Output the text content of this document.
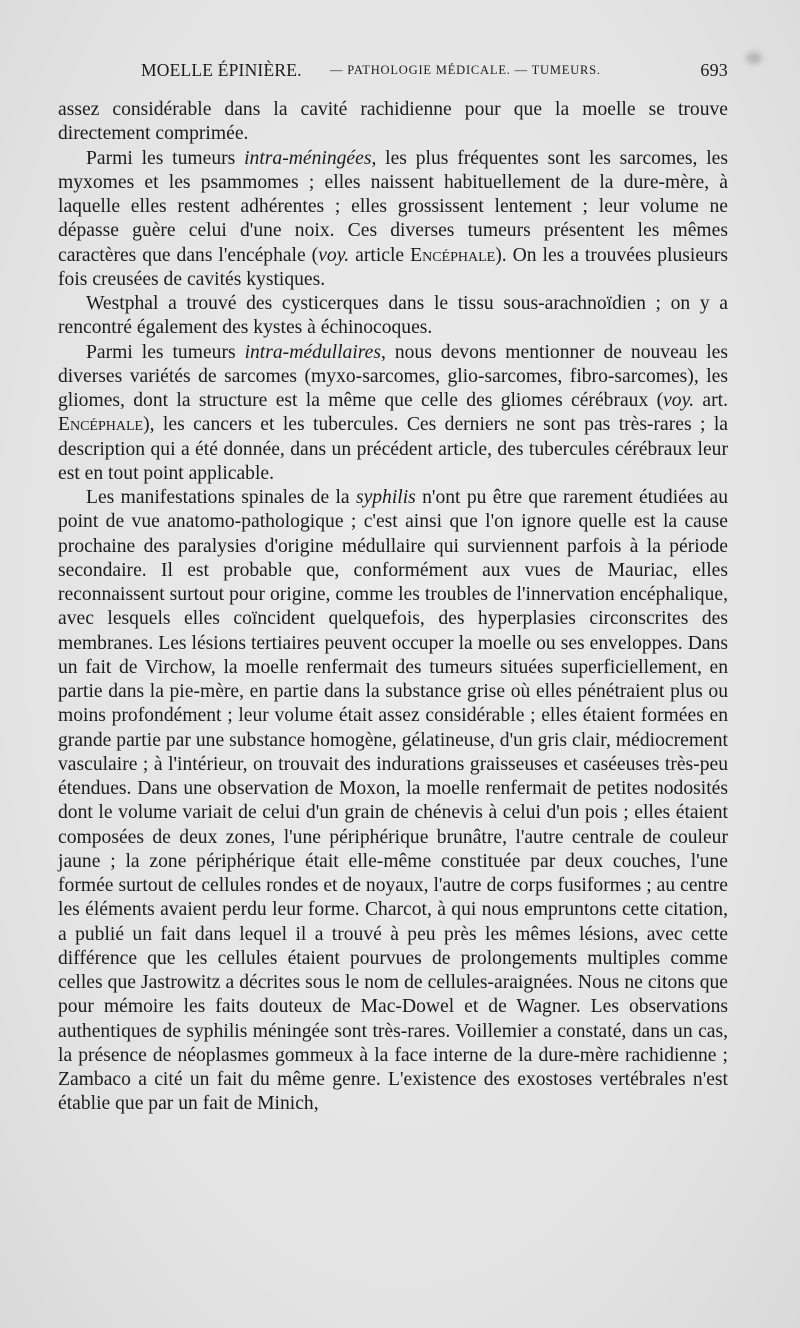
MOELLE ÉPINIÈRE. — PATHOLOGIE MÉDICALE. — TUMEURS.	693

assez considérable dans la cavité rachidienne pour que la moelle se trouve directement comprimée.

Parmi les tumeurs intra-méningées, les plus fréquentes sont les sarcomes, les myxomes et les psammomes ; elles naissent habituellement de la dure-mère, à laquelle elles restent adhérentes ; elles grossissent lentement ; leur volume ne dépasse guère celui d'une noix. Ces diverses tumeurs présentent les mêmes caractères que dans l'encéphale (voy. article Encéphale). On les a trouvées plusieurs fois creusées de cavités kystiques.

Westphal a trouvé des cysticerques dans le tissu sous-arachnoïdien ; on y a rencontré également des kystes à échinocoques.

Parmi les tumeurs intra-médullaires, nous devons mentionner de nouveau les diverses variétés de sarcomes (myxo-sarcomes, glio-sarcomes, fibro-sarcomes), les gliomes, dont la structure est la même que celle des gliomes cérébraux (voy. art. Encéphale), les cancers et les tubercules. Ces derniers ne sont pas très-rares ; la description qui a été donnée, dans un précédent article, des tubercules cérébraux leur est en tout point applicable.

Les manifestations spinales de la syphilis n'ont pu être que rarement étudiées au point de vue anatomo-pathologique ; c'est ainsi que l'on ignore quelle est la cause prochaine des paralysies d'origine médullaire qui surviennent parfois à la période secondaire. Il est probable que, conformément aux vues de Mauriac, elles reconnaissent surtout pour origine, comme les troubles de l'innervation encéphalique, avec lesquels elles coïncident quelquefois, des hyperplasies circonscrites des membranes. Les lésions tertiaires peuvent occuper la moelle ou ses enveloppes. Dans un fait de Virchow, la moelle renfermait des tumeurs situées superficiellement, en partie dans la pie-mère, en partie dans la substance grise où elles pénétraient plus ou moins profondément ; leur volume était assez considérable ; elles étaient formées en grande partie par une substance homogène, gélatineuse, d'un gris clair, médiocrement vasculaire ; à l'intérieur, on trouvait des indurations graisseuses et caséeuses très-peu étendues. Dans une observation de Moxon, la moelle renfermait de petites nodosités dont le volume variait de celui d'un grain de chénevis à celui d'un pois ; elles étaient composées de deux zones, l'une périphérique brunâtre, l'autre centrale de couleur jaune ; la zone périphérique était elle-même constituée par deux couches, l'une formée surtout de cellules rondes et de noyaux, l'autre de corps fusiformes ; au centre les éléments avaient perdu leur forme. Charcot, à qui nous empruntons cette citation, a publié un fait dans lequel il a trouvé à peu près les mêmes lésions, avec cette différence que les cellules étaient pourvues de prolongements multiples comme celles que Jastrowitz a décrites sous le nom de cellules-araignées. Nous ne citons que pour mémoire les faits douteux de Mac-Dowel et de Wagner. Les observations authentiques de syphilis méningée sont très-rares. Voillemier a constaté, dans un cas, la présence de néoplasmes gommeux à la face interne de la dure-mère rachidienne ; Zambaco a cité un fait du même genre. L'existence des exostoses vertébrales n'est établie que par un fait de Minich,
